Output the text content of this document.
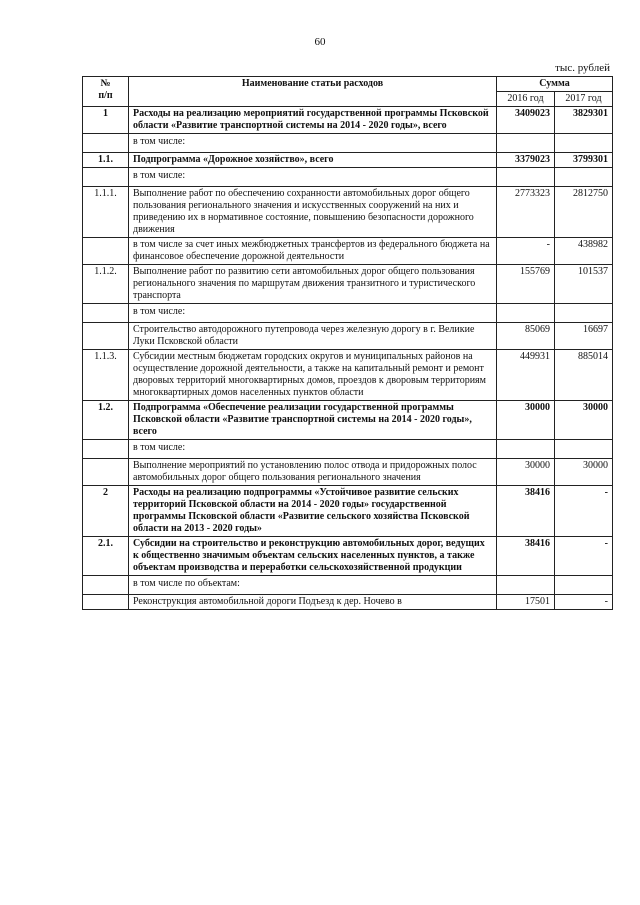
60
тыс. рублей
№
п/п	Наименование статьи расходов	Сумма	
		2016 год	2017 год
1	Расходы на реализацию мероприятий государственной программы Псковской области «Развитие транспортной системы на 2014 - 2020 годы», всего	3409023	3829301
	в том числе:		
1.1.	Подпрограмма «Дорожное хозяйство», всего	3379023	3799301
	в том числе:		
1.1.1.	Выполнение работ по обеспечению сохранности автомобильных дорог общего пользования регионального значения и искусственных сооружений на них и приведению их в нормативное состояние, повышению безопасности дорожного движения	2773323	2812750
	в том числе за счет иных межбюджетных трансфертов из федерального бюджета на финансовое обеспечение дорожной деятельности	-	438982
1.1.2.	Выполнение работ по развитию сети автомобильных дорог общего пользования регионального значения по маршрутам движения транзитного и туристического транспорта	155769	101537
	в том числе:		
	Строительство автодорожного путепровода через железную дорогу в г. Великие Луки Псковской области	85069	16697
1.1.3.	Субсидии местным бюджетам городских округов и муниципальных районов на осуществление дорожной деятельности, а также на капитальный ремонт и ремонт дворовых территорий многоквартирных домов, проездов к дворовым территориям многоквартирных домов населенных пунктов области	449931	885014
1.2.	Подпрограмма «Обеспечение реализации государственной программы Псковской области «Развитие транспортной системы на 2014 - 2020 годы», всего	30000	30000
	в том числе:		
	Выполнение мероприятий по установлению полос отвода и придорожных полос автомобильных дорог общего пользования регионального значения	30000	30000
2	Расходы на реализацию подпрограммы «Устойчивое развитие сельских территорий Псковской области на 2014 - 2020 годы» государственной программы Псковской области «Развитие сельского хозяйства Псковской области на 2013 - 2020 годы»	38416	-
2.1.	Субсидии на строительство и реконструкцию автомобильных дорог, ведущих к общественно значимым объектам сельских населенных пунктов, а также объектам производства и переработки сельскохозяйственной продукции	38416	-
	в том числе по объектам:		
	Реконструкция автомобильной дороги Подъезд к дер. Ночево в	17501	-
